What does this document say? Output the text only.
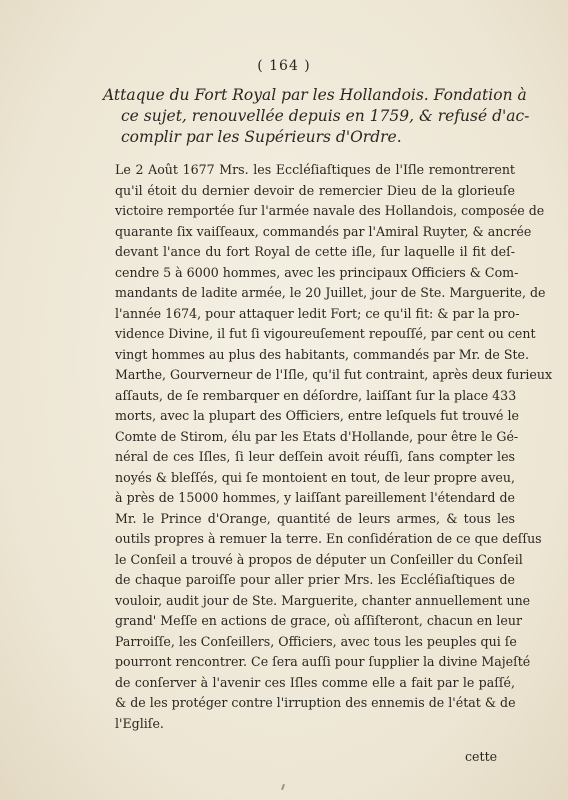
( 164 )
Attaque du Fort Royal par les Hollandois. Fondation à
ce sujet, renouvellée depuis en 1759, & refusé d'ac-
complir par les Supérieurs d'Ordre.
Le 2 Août 1677 Mrs. les Eccléſiaſtiques de l'Iſle remontrerent
qu'il étoit du dernier devoir de remercier Dieu de la glorieuſe
victoire remportée ſur l'armée navale des Hollandois, composée de
quarante ſix vaiſſeaux, commandés par l'Amiral Ruyter, & ancrée
devant l'ance du fort Royal de cette iſle, ſur laquelle il fit deſ-
cendre 5 à 6000 hommes, avec les principaux Officiers & Com-
mandants de ladite armée, le 20 Juillet, jour de Ste. Marguerite, de
l'année 1674, pour attaquer ledit Fort; ce qu'il fit: & par la pro-
vidence Divine, il fut ſi vigoureuſement repouſſé, par cent ou cent
vingt hommes au plus des habitants, commandés par Mr. de Ste.
Marthe, Gourverneur de l'Iſle, qu'il fut contraint, après deux furieux
aſſauts, de ſe rembarquer en déſordre, laiſſant ſur la place 433
morts, avec la plupart des Officiers, entre leſquels fut trouvé le
Comte de Stirom, élu par les Etats d'Hollande, pour être le Gé-
néral de ces Iſles, ſi leur deſſein avoit réuſſi, ſans compter les
noyés & bleſſés, qui ſe montoient en tout, de leur propre aveu,
à près de 15000 hommes, y laiſſant pareillement l'étendard de
Mr. le Prince d'Orange, quantité de leurs armes, & tous les
outils propres à remuer la terre. En conſidération de ce que deſſus
le Conſeil a trouvé à propos de députer un Conſeiller du Conſeil
de chaque paroiſſe pour aller prier Mrs. les Eccléſiaſtiques de
vouloir, audit jour de Ste. Marguerite, chanter annuellement une
grand' Meſſe en actions de grace, où aſſiſteront, chacun en leur
Parroiſſe, les Conſeillers, Officiers, avec tous les peuples qui ſe
pourront rencontrer. Ce ſera auſſi pour ſupplier la divine Majeſté
de conſerver à l'avenir ces Iſles comme elle a fait par le paſſé,
& de les protéger contre l'irruption des ennemis de l'état & de
l'Egliſe.
cette
